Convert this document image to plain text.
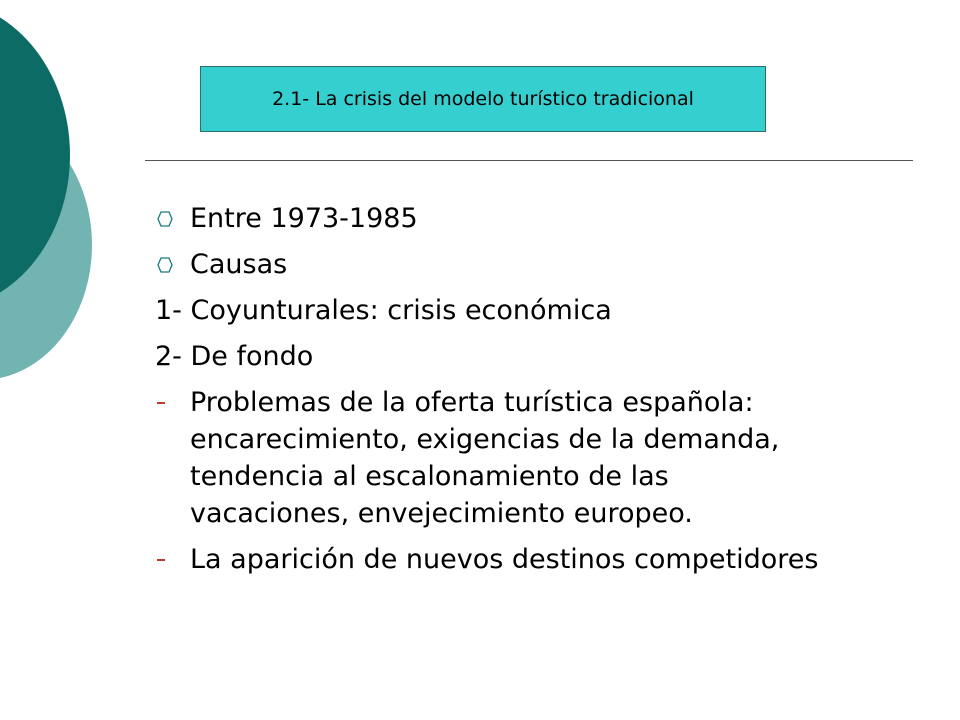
2.1- La crisis del modelo turístico tradicional
Entre 1973-1985
Causas
1- Coyunturales: crisis económica
2- De fondo
Problemas de la oferta turística española:
encarecimiento, exigencias de la demanda,
tendencia al escalonamiento de las
vacaciones, envejecimiento europeo.
La aparición de nuevos destinos competidores
